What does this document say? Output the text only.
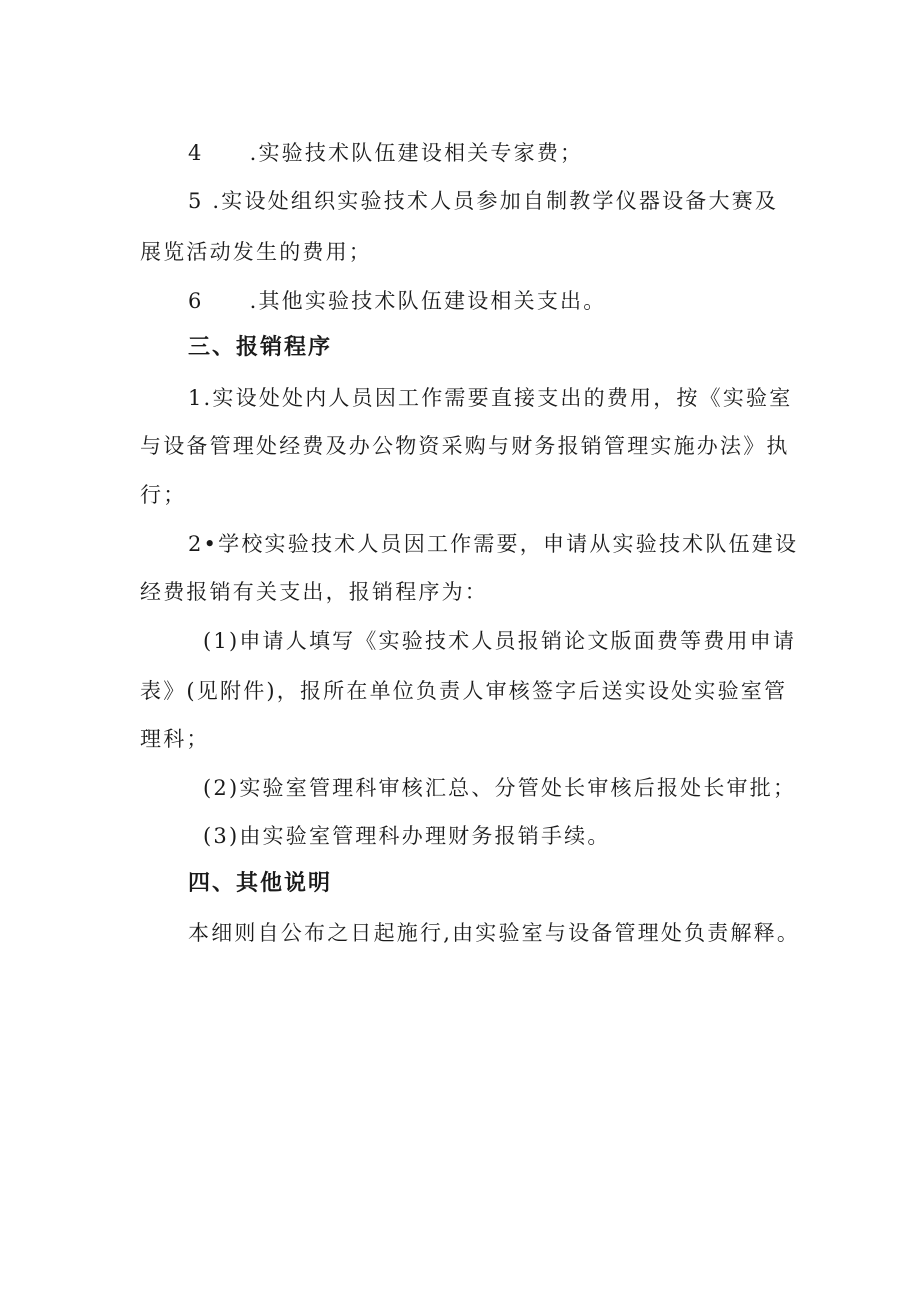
4 .实验技术队伍建设相关专家费；
5 .实设处组织实验技术人员参加自制教学仪器设备大赛及
展览活动发生的费用；
6 .其他实验技术队伍建设相关支出。
三、报销程序
1.实设处处内人员因工作需要直接支出的费用，按《实验室
与设备管理处经费及办公物资采购与财务报销管理实施办法》执
行；
2•学校实验技术人员因工作需要，申请从实验技术队伍建设
经费报销有关支出，报销程序为：
(1)申请人填写《实验技术人员报销论文版面费等费用申请
表》(见附件)，报所在单位负责人审核签字后送实设处实验室管
理科；
(2)实验室管理科审核汇总、分管处长审核后报处长审批；
(3)由实验室管理科办理财务报销手续。
四、其他说明
本细则自公布之日起施行,由实验室与设备管理处负责解释。
